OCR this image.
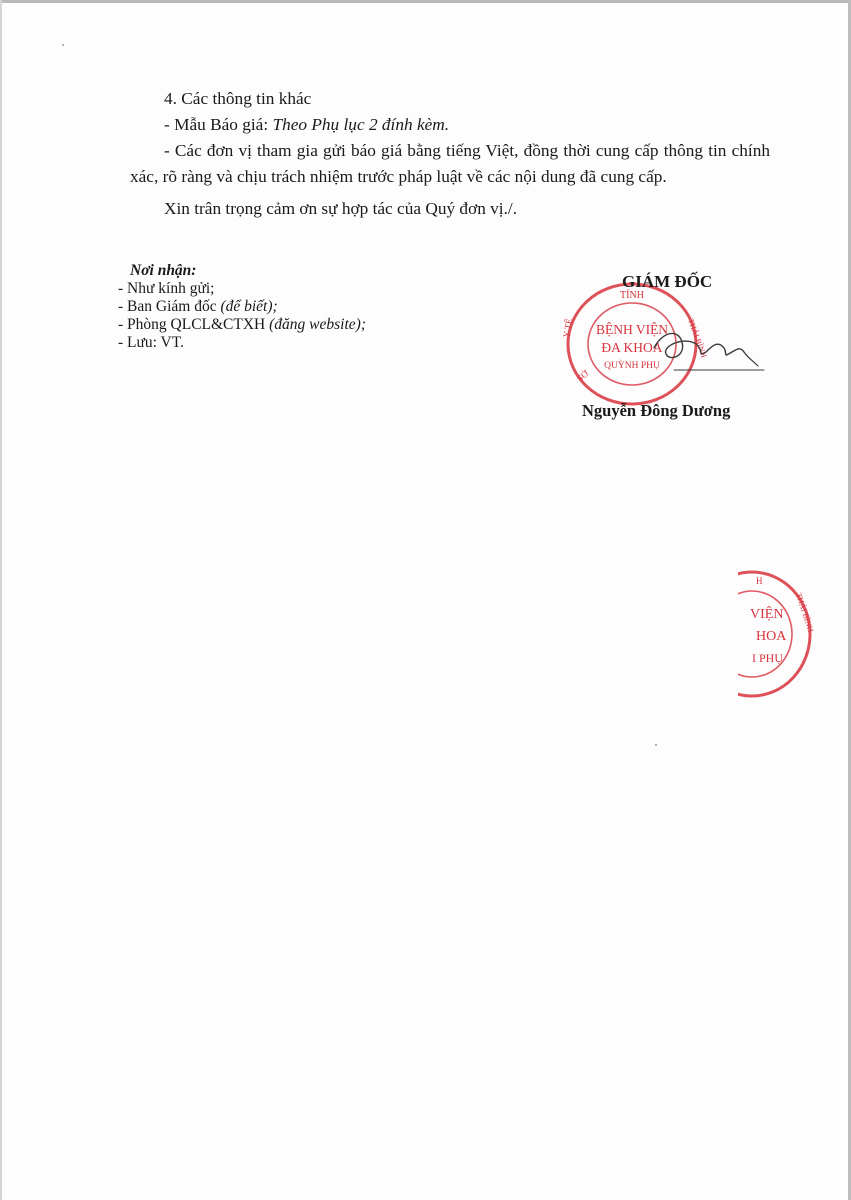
4. Các thông tin khác

- Mẫu Báo giá: Theo Phụ lục 2 đính kèm.

- Các đơn vị tham gia gửi báo giá bằng tiếng Việt, đồng thời cung cấp thông tin chính xác, rõ ràng và chịu trách nhiệm trước pháp luật về các nội dung đã cung cấp.

Xin trân trọng cảm ơn sự hợp tác của Quý đơn vị./.

Nơi nhận:
- Như kính gửi;
- Ban Giám đốc (để biết);
- Phòng QLCL&CTXH (đăng website);
- Lưu: VT.
TỈNH
Y TẾ	THÁI BÌNH
SỞ
BỆNH VIỆN
ĐA KHOA
QUỲNH PHỤ
GIÁM ĐỐC
Nguyễn Đông Dương
H
THÁI BÌNH
VIỆN
HOA
I PHỤ
